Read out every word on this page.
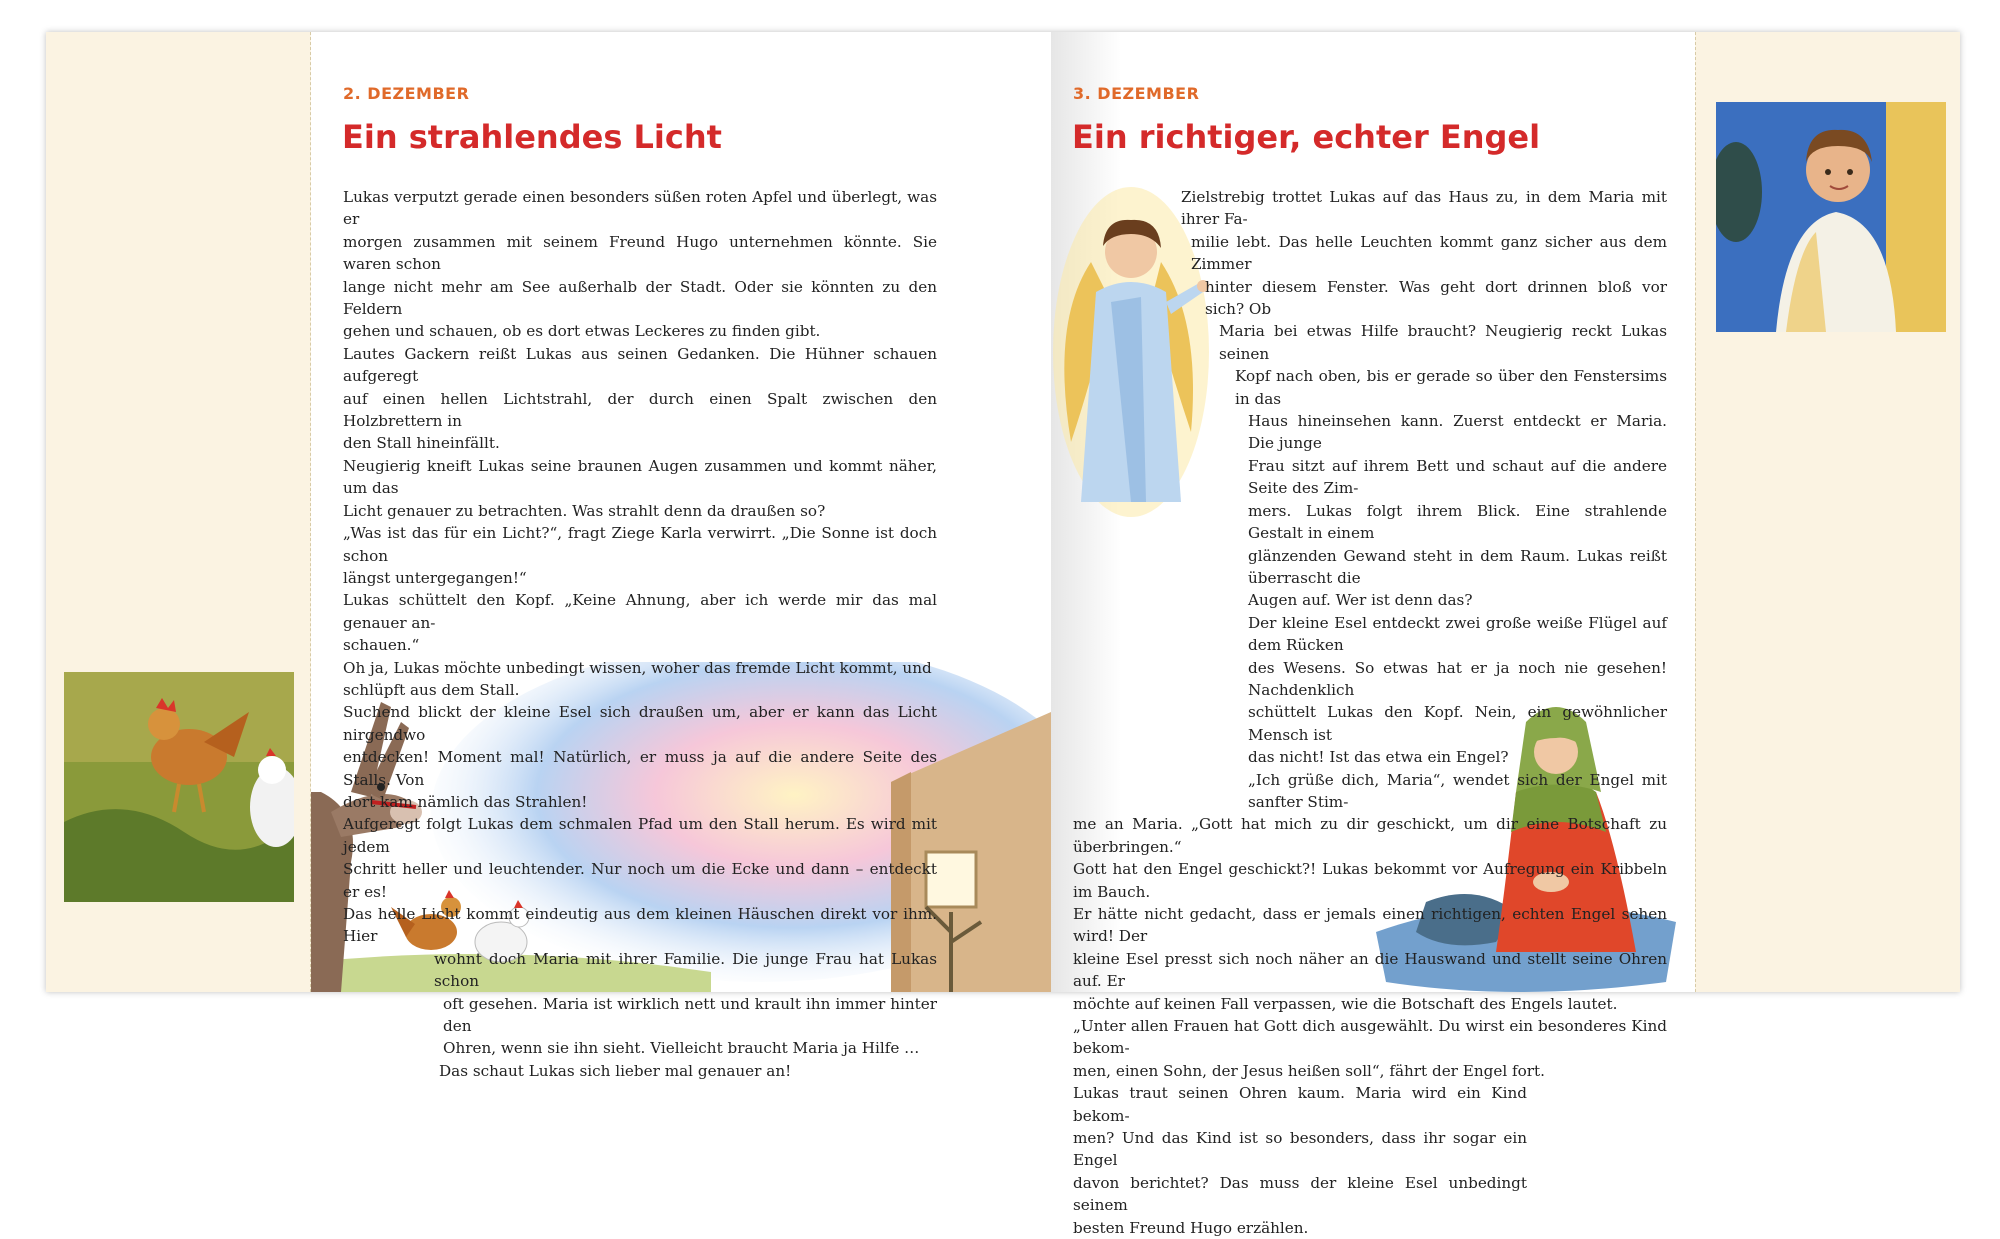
2. DEZEMBER
Ein strahlendes Licht

Lukas verputzt gerade einen besonders süßen roten Apfel und überlegt, was er

morgen zusammen mit seinem Freund Hugo unternehmen könnte. Sie waren schon

lange nicht mehr am See außerhalb der Stadt. Oder sie könnten zu den Feldern

gehen und schauen, ob es dort etwas Leckeres zu finden gibt.

Lautes Gackern reißt Lukas aus seinen Gedanken. Die Hühner schauen aufgeregt

auf einen hellen Lichtstrahl, der durch einen Spalt zwischen den Holzbrettern in

den Stall hineinfällt.

Neugierig kneift Lukas seine braunen Augen zusammen und kommt näher, um das

Licht genauer zu betrachten. Was strahlt denn da draußen so?

„Was ist das für ein Licht?“, fragt Ziege Karla verwirrt. „Die Sonne ist doch schon

längst untergegangen!“

Lukas schüttelt den Kopf. „Keine Ahnung, aber ich werde mir das mal genauer an-

schauen.“

Oh ja, Lukas möchte unbedingt wissen, woher das fremde Licht kommt, und

schlüpft aus dem Stall.

Suchend blickt der kleine Esel sich draußen um, aber er kann das Licht nirgendwo

entdecken! Moment mal! Natürlich, er muss ja auf die andere Seite des Stalls. Von

dort kam nämlich das Strahlen!

Aufgeregt folgt Lukas dem schmalen Pfad um den Stall herum. Es wird mit jedem

Schritt heller und leuchtender. Nur noch um die Ecke und dann – entdeckt er es!

Das helle Licht kommt eindeutig aus dem kleinen Häuschen direkt vor ihm. Hier

wohnt doch Maria mit ihrer Familie. Die junge Frau hat Lukas schon

oft gesehen. Maria ist wirklich nett und krault ihn immer hinter den

Ohren, wenn sie ihn sieht. Vielleicht braucht Maria ja Hilfe …

Das schaut Lukas sich lieber mal genauer an!

3. DEZEMBER
Ein richtiger, echter Engel

Zielstrebig trottet Lukas auf das Haus zu, in dem Maria mit ihrer Fa-

milie lebt. Das helle Leuchten kommt ganz sicher aus dem Zimmer

hinter diesem Fenster. Was geht dort drinnen bloß vor sich? Ob

Maria bei etwas Hilfe braucht? Neugierig reckt Lukas seinen

Kopf nach oben, bis er gerade so über den Fenstersims in das

Haus hineinsehen kann. Zuerst entdeckt er Maria. Die junge

Frau sitzt auf ihrem Bett und schaut auf die andere Seite des Zim-

mers. Lukas folgt ihrem Blick. Eine strahlende Gestalt in einem

glänzenden Gewand steht in dem Raum. Lukas reißt überrascht die

Augen auf. Wer ist denn das?

Der kleine Esel entdeckt zwei große weiße Flügel auf dem Rücken

des Wesens. So etwas hat er ja noch nie gesehen! Nachdenklich

schüttelt Lukas den Kopf. Nein, ein gewöhnlicher Mensch ist

das nicht! Ist das etwa ein Engel?

„Ich grüße dich, Maria“, wendet sich der Engel mit sanfter Stim-

me an Maria. „Gott hat mich zu dir geschickt, um dir eine Botschaft zu überbringen.“

Gott hat den Engel geschickt?! Lukas bekommt vor Aufregung ein Kribbeln im Bauch.

Er hätte nicht gedacht, dass er jemals einen richtigen, echten Engel sehen wird! Der

kleine Esel presst sich noch näher an die Hauswand und stellt seine Ohren auf. Er

möchte auf keinen Fall verpassen, wie die Botschaft des Engels lautet.

„Unter allen Frauen hat Gott dich ausgewählt. Du wirst ein besonderes Kind bekom-

men, einen Sohn, der Jesus heißen soll“, fährt der Engel fort.

Lukas traut seinen Ohren kaum. Maria wird ein Kind bekom-

men? Und das Kind ist so besonders, dass ihr sogar ein Engel

davon berichtet? Das muss der kleine Esel unbedingt seinem

besten Freund Hugo erzählen.
